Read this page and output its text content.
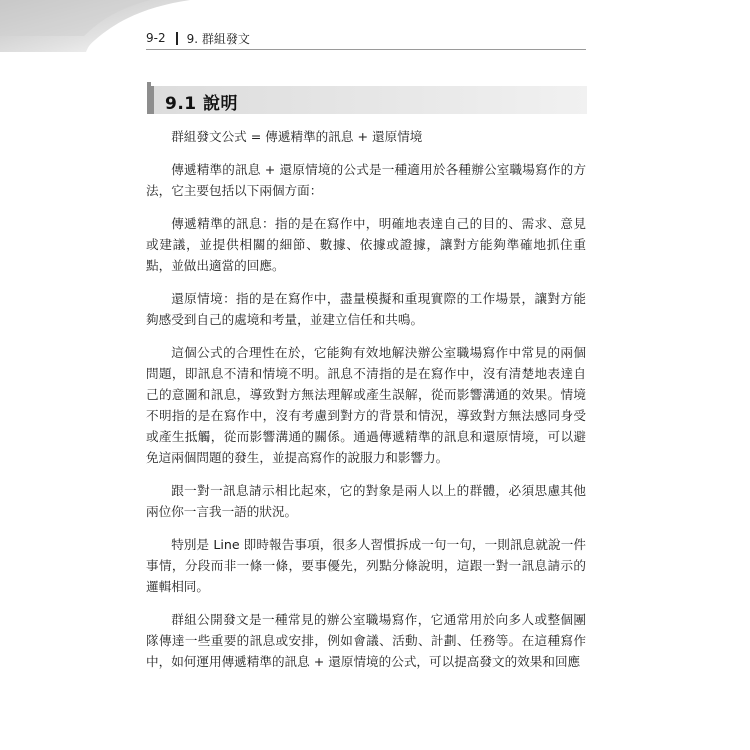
9-2 9. 群組發文
9.1 說明

群組發文公式 = 傳遞精準的訊息 + 還原情境

傳遞精準的訊息 + 還原情境的公式是一種適用於各種辦公室職場寫作的方法，它主要包括以下兩個方面：

傳遞精準的訊息：指的是在寫作中，明確地表達自己的目的、需求、意見或建議，並提供相關的細節、數據、依據或證據，讓對方能夠準確地抓住重點，並做出適當的回應。

還原情境：指的是在寫作中，盡量模擬和重現實際的工作場景，讓對方能夠感受到自己的處境和考量，並建立信任和共鳴。

這個公式的合理性在於，它能夠有效地解決辦公室職場寫作中常見的兩個問題，即訊息不清和情境不明。訊息不清指的是在寫作中，沒有清楚地表達自己的意圖和訊息，導致對方無法理解或產生誤解，從而影響溝通的效果。情境不明指的是在寫作中，沒有考慮到對方的背景和情況，導致對方無法感同身受或產生抵觸，從而影響溝通的關係。通過傳遞精準的訊息和還原情境，可以避免這兩個問題的發生，並提高寫作的說服力和影響力。

跟一對一訊息請示相比起來，它的對象是兩人以上的群體，必須思慮其他兩位你一言我一語的狀況。

特別是 Line 即時報告事項，很多人習慣拆成一句一句，一則訊息就說一件事情，分段而非一條一條，要事優先，列點分條說明，這跟一對一訊息請示的邏輯相同。

群組公開發文是一種常見的辦公室職場寫作，它通常用於向多人或整個團隊傳達一些重要的訊息或安排，例如會議、活動、計劃、任務等。在這種寫作中，如何運用傳遞精準的訊息 + 還原情境的公式，可以提高發文的效果和回應
